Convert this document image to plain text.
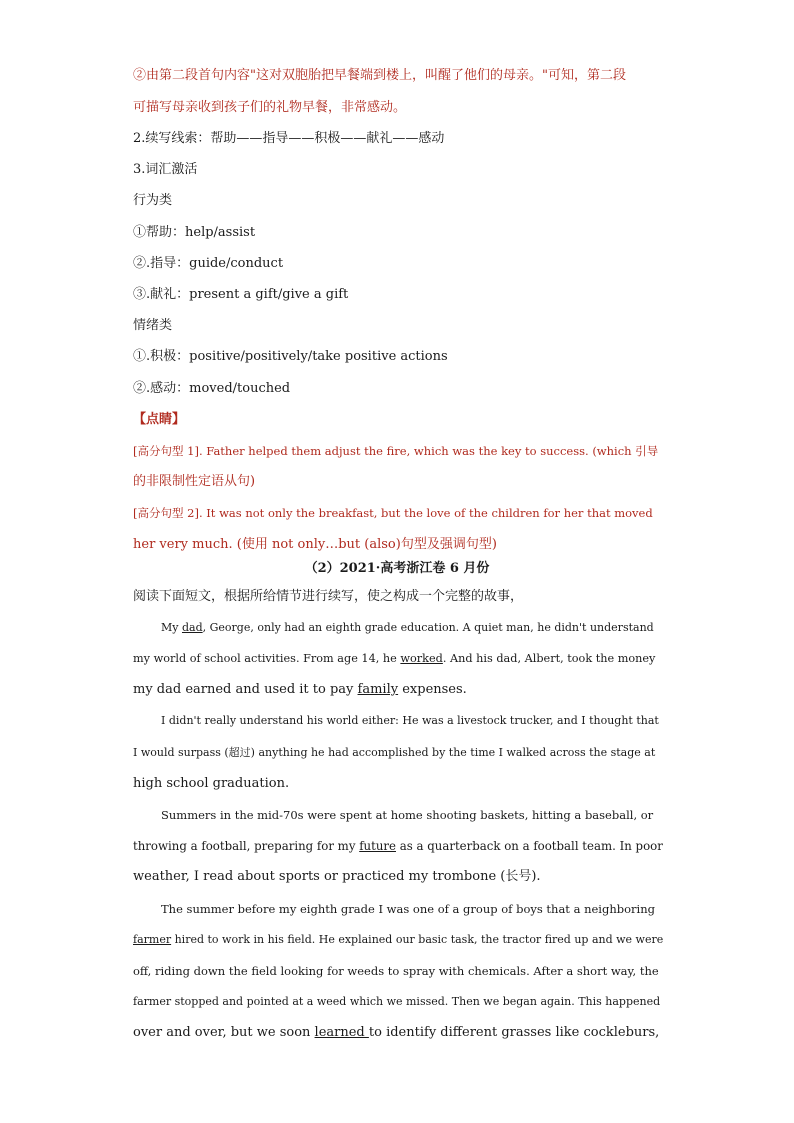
②由第二段首句内容"这对双胞胎把早餐端到楼上，叫醒了他们的母亲。"可知，第二段
可描写母亲收到孩子们的礼物早餐，非常感动。
2.续写线索：帮助——指导——积极——献礼——感动
3.词汇激活
行为类
①帮助：help/assist
②.指导：guide/conduct
③.献礼：present a gift/give a gift
情绪类
①.积极：positive/positively/take positive actions
②.感动：moved/touched
【点睛】
[高分句型 1]. Father helped them adjust the fire, which was the key to success. (which 引导
的非限制性定语从句)
[高分句型 2]. It was not only the breakfast, but the love of the children for her that moved
her very much. (使用 not only…but (also)句型及强调句型)
（2）2021·高考浙江卷 6 月份
阅读下面短文，根据所给情节进行续写，使之构成一个完整的故事，
My dad, George, only had an eighth grade education. A quiet man, he didn't understand
my world of school activities. From age 14, he worked. And his dad, Albert, took the money
my dad earned and used it to pay family expenses.
I didn't really understand his world either: He was a livestock trucker, and I thought that
I would surpass (超过) anything he had accomplished by the time I walked across the stage at
high school graduation.
Summers in the mid-70s were spent at home shooting baskets, hitting a baseball, or
throwing a football, preparing for my future as a quarterback on a football team. In poor
weather, I read about sports or practiced my trombone (长号).
The summer before my eighth grade I was one of a group of boys that a neighboring
farmer hired to work in his field. He explained our basic task, the tractor fired up and we were
off, riding down the field looking for weeds to spray with chemicals. After a short way, the
farmer stopped and pointed at a weed which we missed. Then we began again. This happened
over and over, but we soon learned to identify different grasses like cockleburs,
